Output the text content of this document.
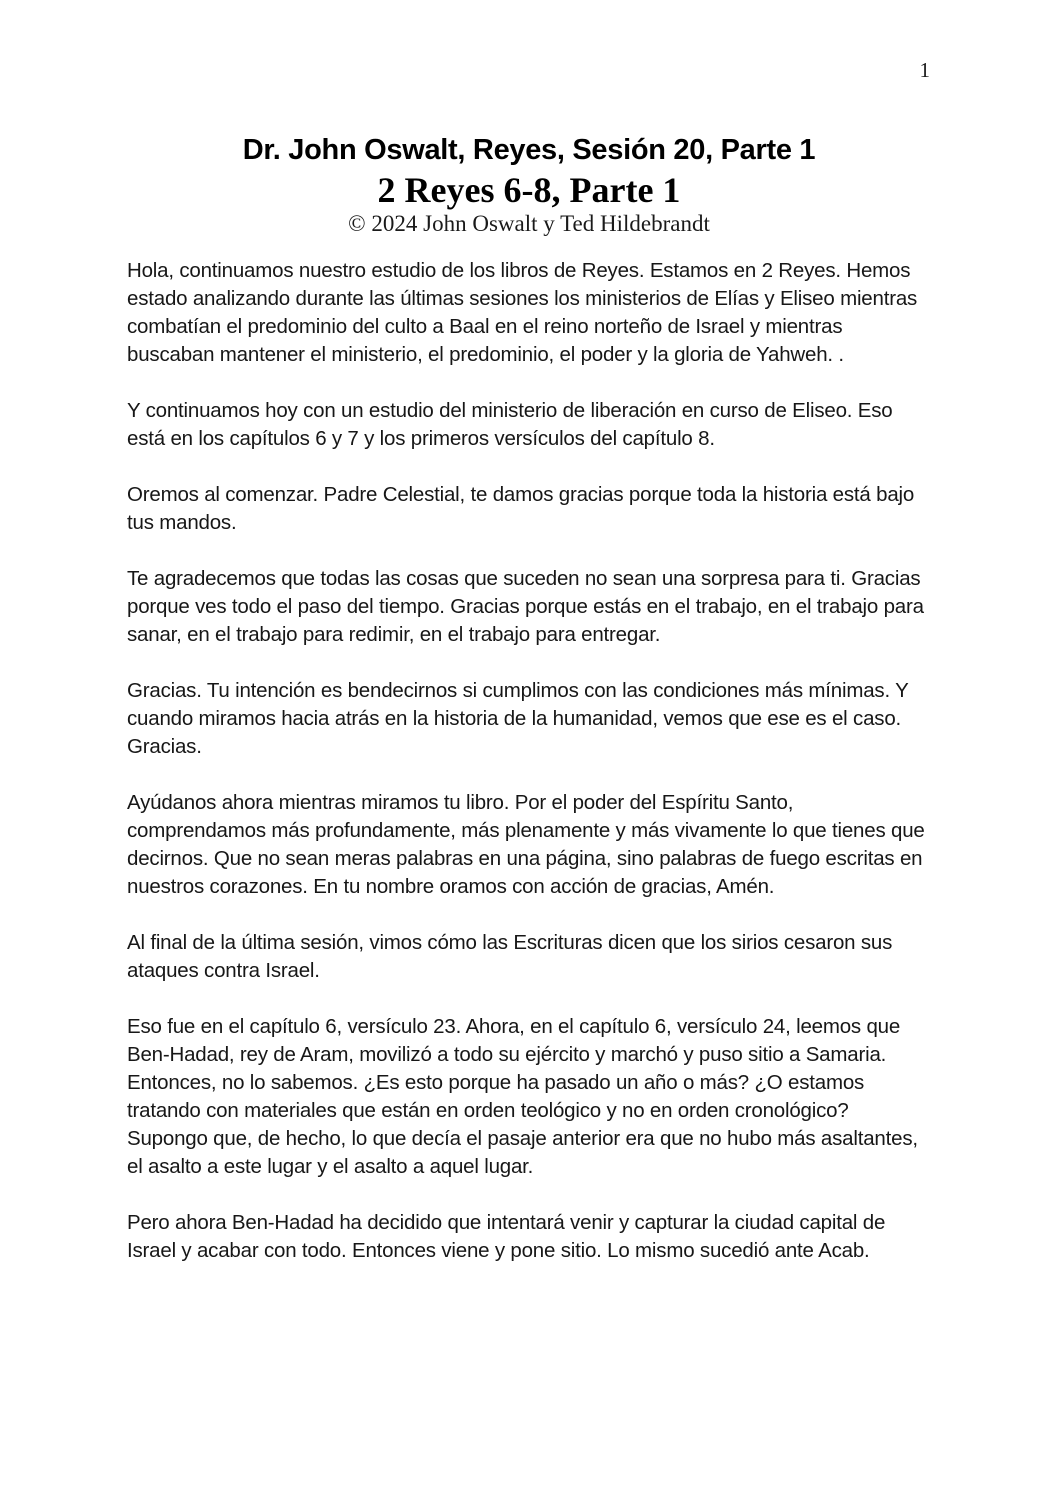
1
Dr. John Oswalt, Reyes, Sesión 20, Parte 1
2 Reyes 6-8, Parte 1
© 2024 John Oswalt y Ted Hildebrandt

Hola, continuamos nuestro estudio de los libros de Reyes. Estamos en 2 Reyes. Hemos estado analizando durante las últimas sesiones los ministerios de Elías y Eliseo mientras combatían el predominio del culto a Baal en el reino norteño de Israel y mientras buscaban mantener el ministerio, el predominio, el poder y la gloria de Yahweh. .

Y continuamos hoy con un estudio del ministerio de liberación en curso de Eliseo. Eso está en los capítulos 6 y 7 y los primeros versículos del capítulo 8.

Oremos al comenzar. Padre Celestial, te damos gracias porque toda la historia está bajo tus mandos.

Te agradecemos que todas las cosas que suceden no sean una sorpresa para ti. Gracias porque ves todo el paso del tiempo. Gracias porque estás en el trabajo, en el trabajo para sanar, en el trabajo para redimir, en el trabajo para entregar.

Gracias. Tu intención es bendecirnos si cumplimos con las condiciones más mínimas. Y cuando miramos hacia atrás en la historia de la humanidad, vemos que ese es el caso. Gracias.

Ayúdanos ahora mientras miramos tu libro. Por el poder del Espíritu Santo, comprendamos más profundamente, más plenamente y más vivamente lo que tienes que decirnos. Que no sean meras palabras en una página, sino palabras de fuego escritas en nuestros corazones. En tu nombre oramos con acción de gracias, Amén.

Al final de la última sesión, vimos cómo las Escrituras dicen que los sirios cesaron sus ataques contra Israel.

Eso fue en el capítulo 6, versículo 23. Ahora, en el capítulo 6, versículo 24, leemos que Ben-Hadad, rey de Aram, movilizó a todo su ejército y marchó y puso sitio a Samaria. Entonces, no lo sabemos. ¿Es esto porque ha pasado un año o más? ¿O estamos tratando con materiales que están en orden teológico y no en orden cronológico? Supongo que, de hecho, lo que decía el pasaje anterior era que no hubo más asaltantes, el asalto a este lugar y el asalto a aquel lugar.

Pero ahora Ben-Hadad ha decidido que intentará venir y capturar la ciudad capital de Israel y acabar con todo. Entonces viene y pone sitio. Lo mismo sucedió ante Acab.
